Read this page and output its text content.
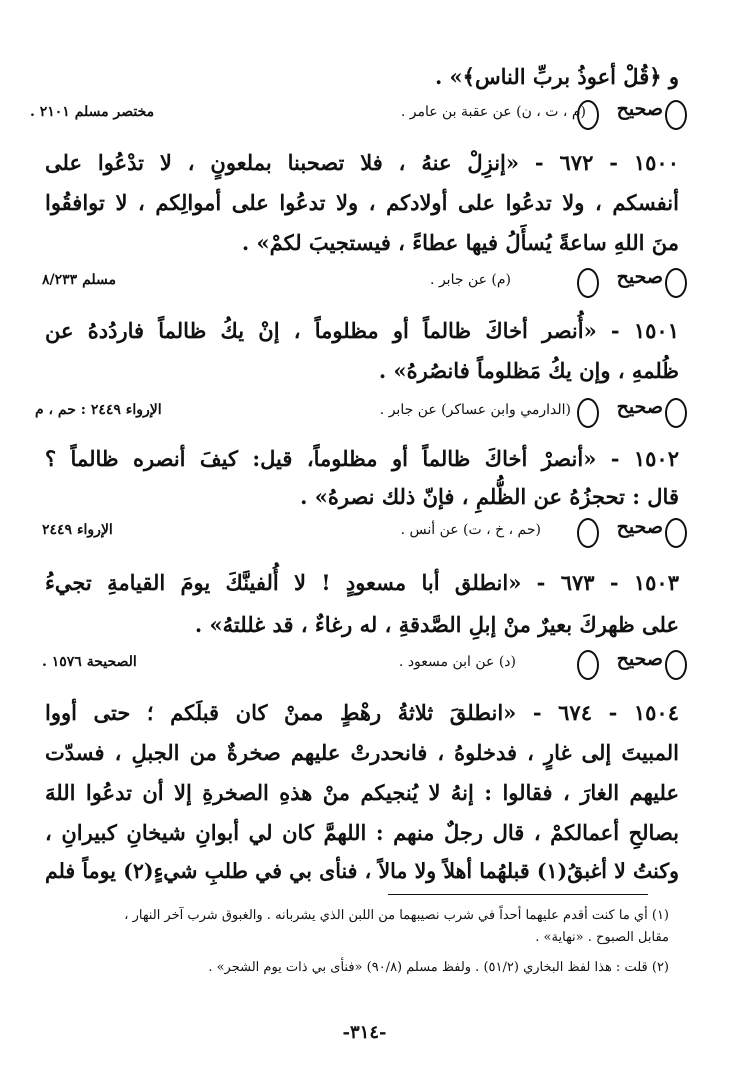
و ﴿قُلْ أعوذُ بربِّ الناس﴾» .
صحيح
(م ، ت ، ن) عن عقبة بن عامر .
مختصر مسلم ٢١٠١ .
١٥٠٠ - ٦٧٢ - «إنزِلْ عنهُ ، فلا تصحبنا بملعونٍ ، لا تدْعُوا على
أنفسكم ، ولا تدعُوا على أولادكم ، ولا تدعُوا على أموالِكم ، لا توافقُوا
منَ اللهِ ساعةً يُسأَلُ فيها عطاءً ، فيستجيبَ لكمْ» .
صحيح
(م) عن جابر .
مسلم ٨/٢٣٣
١٥٠١ - «أُنصر أخاكَ ظالماً أو مظلوماً ، إنْ يكُ ظالماً فاردُدهُ عن
ظُلمهِ ، وإن يكُ مَظلوماً فانصُرهُ» .
صحيح
(الدارمي وابن عساكر) عن جابر .
الإرواء ٢٤٤٩ : حم ، م
١٥٠٢ - «أنصرْ أخاكَ ظالماً أو مظلوماً، قيل: كيفَ أنصره ظالماً ؟
قال : تحجزُهُ عن الظُّلمِ ، فإنّ ذلك نصرهُ» .
صحيح
(حم ، خ ، ت) عن أنس .
الإرواء ٢٤٤٩
١٥٠٣ - ٦٧٣ - «انطلق أبا مسعودٍ ! لا أُلفينَّكَ يومَ القيامةِ تجيءُ
على ظهركَ بعيرٌ منْ إبلِ الصَّدقةِ ، له رغاءٌ ، قد غللتهُ» .
صحيح
(د) عن ابن مسعود .
الصحيحة ١٥٧٦ .
١٥٠٤ - ٦٧٤ - «انطلقَ ثلاثةُ رهْطٍ ممنْ كان قبلَكم ؛ حتى أووا
المبيتَ إلى غارٍ ، فدخلوهُ ، فانحدرتْ عليهم صخرةٌ من الجبلِ ، فسدّت
عليهم الغارَ ، فقالوا : إنهُ لا يُنجيكم منْ هذهِ الصخرةِ إلا أن تدعُوا اللهَ
بصالحِ أعمالكمْ ، قال رجلٌ منهم : اللهمَّ كان لي أبوانِ شيخانِ كبيرانِ ،
وكنتُ لا أغبقُ(١) قبلهُما أهلاً ولا مالاً ، فنأى بي في طلبِ شيءٍ(٢) يوماً فلم
(١) أي ما كنت أقدم عليهما أحداً في شرب نصيبهما من اللبن الذي يشربانه . والغبوق شرب آخر النهار ،
مقابل الصبوح . «نهاية» .
(٢) قلت : هذا لفظ البخاري (٥١/٢) . ولفظ مسلم (٩٠/٨) «فنأى بي ذات يوم الشجر» .
-٣١٤-
